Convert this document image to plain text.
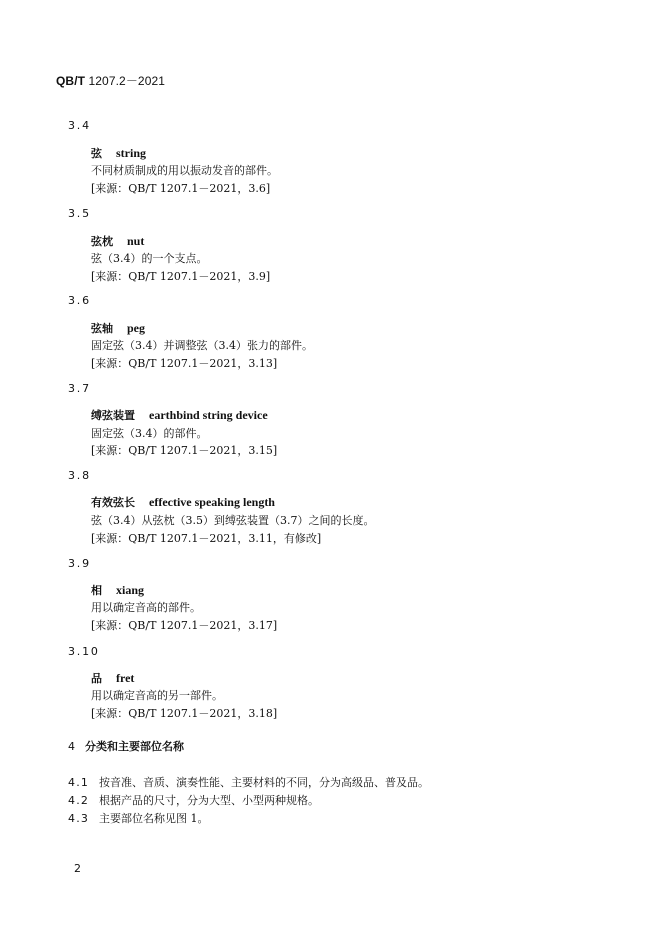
QB/T 1207.2－2021
3.4
弦 string
不同材质制成的用以振动发音的部件。
[来源：QB/T 1207.1－2021，3.6]
3.5
弦枕 nut
弦（3.4）的一个支点。
[来源：QB/T 1207.1－2021，3.9]
3.6
弦轴 peg
固定弦（3.4）并调整弦（3.4）张力的部件。
[来源：QB/T 1207.1－2021，3.13]
3.7
缚弦装置 earthbind string device
固定弦（3.4）的部件。
[来源：QB/T 1207.1－2021，3.15]
3.8
有效弦长 effective speaking length
弦（3.4）从弦枕（3.5）到缚弦装置（3.7）之间的长度。
[来源：QB/T 1207.1－2021，3.11，有修改]
3.9
相 xiang
用以确定音高的部件。
[来源：QB/T 1207.1－2021，3.17]
3.10
品 fret
用以确定音高的另一部件。
[来源：QB/T 1207.1－2021，3.18]
4 分类和主要部位名称
4.1 按音准、音质、演奏性能、主要材料的不同，分为高级品、普及品。
4.2 根据产品的尺寸，分为大型、小型两种规格。
4.3 主要部位名称见图 1。
2
